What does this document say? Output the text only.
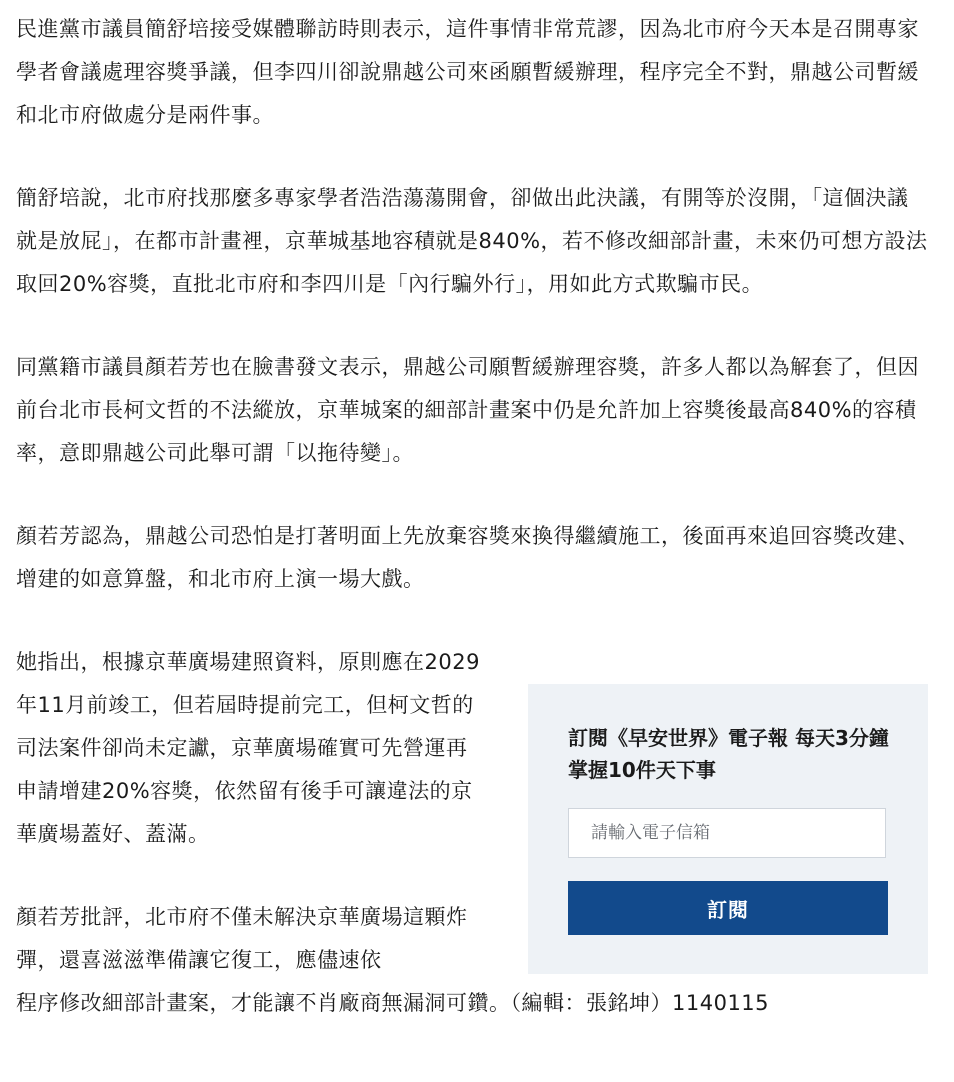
民進黨市議員簡舒培接受媒體聯訪時則表示，這件事情非常荒謬，因為北市府今天本是召開專家學者會議處理容獎爭議，但李四川卻說鼎越公司來函願暫緩辦理，程序完全不對，鼎越公司暫緩和北市府做處分是兩件事。

簡舒培說，北市府找那麼多專家學者浩浩蕩蕩開會，卻做出此決議，有開等於沒開，「這個決議就是放屁」，在都市計畫裡，京華城基地容積就是840%，若不修改細部計畫，未來仍可想方設法取回20%容獎，直批北市府和李四川是「內行騙外行」，用如此方式欺騙市民。

同黨籍市議員顏若芳也在臉書發文表示，鼎越公司願暫緩辦理容獎，許多人都以為解套了，但因前台北市長柯文哲的不法縱放，京華城案的細部計畫案中仍是允許加上容獎後最高840%的容積率，意即鼎越公司此舉可謂「以拖待變」。

顏若芳認為，鼎越公司恐怕是打著明面上先放棄容獎來換得繼續施工，後面再來追回容獎改建、增建的如意算盤，和北市府上演一場大戲。

她指出，根據京華廣場建照資料，原則應在2029年11月前竣工，但若屆時提前完工，但柯文哲的司法案件卻尚未定讞，京華廣場確實可先營運再申請增建20%容獎，依然留有後手可讓違法的京華廣場蓋好、蓋滿。

顏若芳批評，北市府不僅未解決京華廣場這顆炸彈，還喜滋滋準備讓它復工，應儘速依
程序修改細部計畫案，才能讓不肖廠商無漏洞可鑽。（編輯：張銘坤）1140115

訂閱《早安世界》電子報 每天3分鐘掌握10件天下事

請輸入電子信箱
訂閱
